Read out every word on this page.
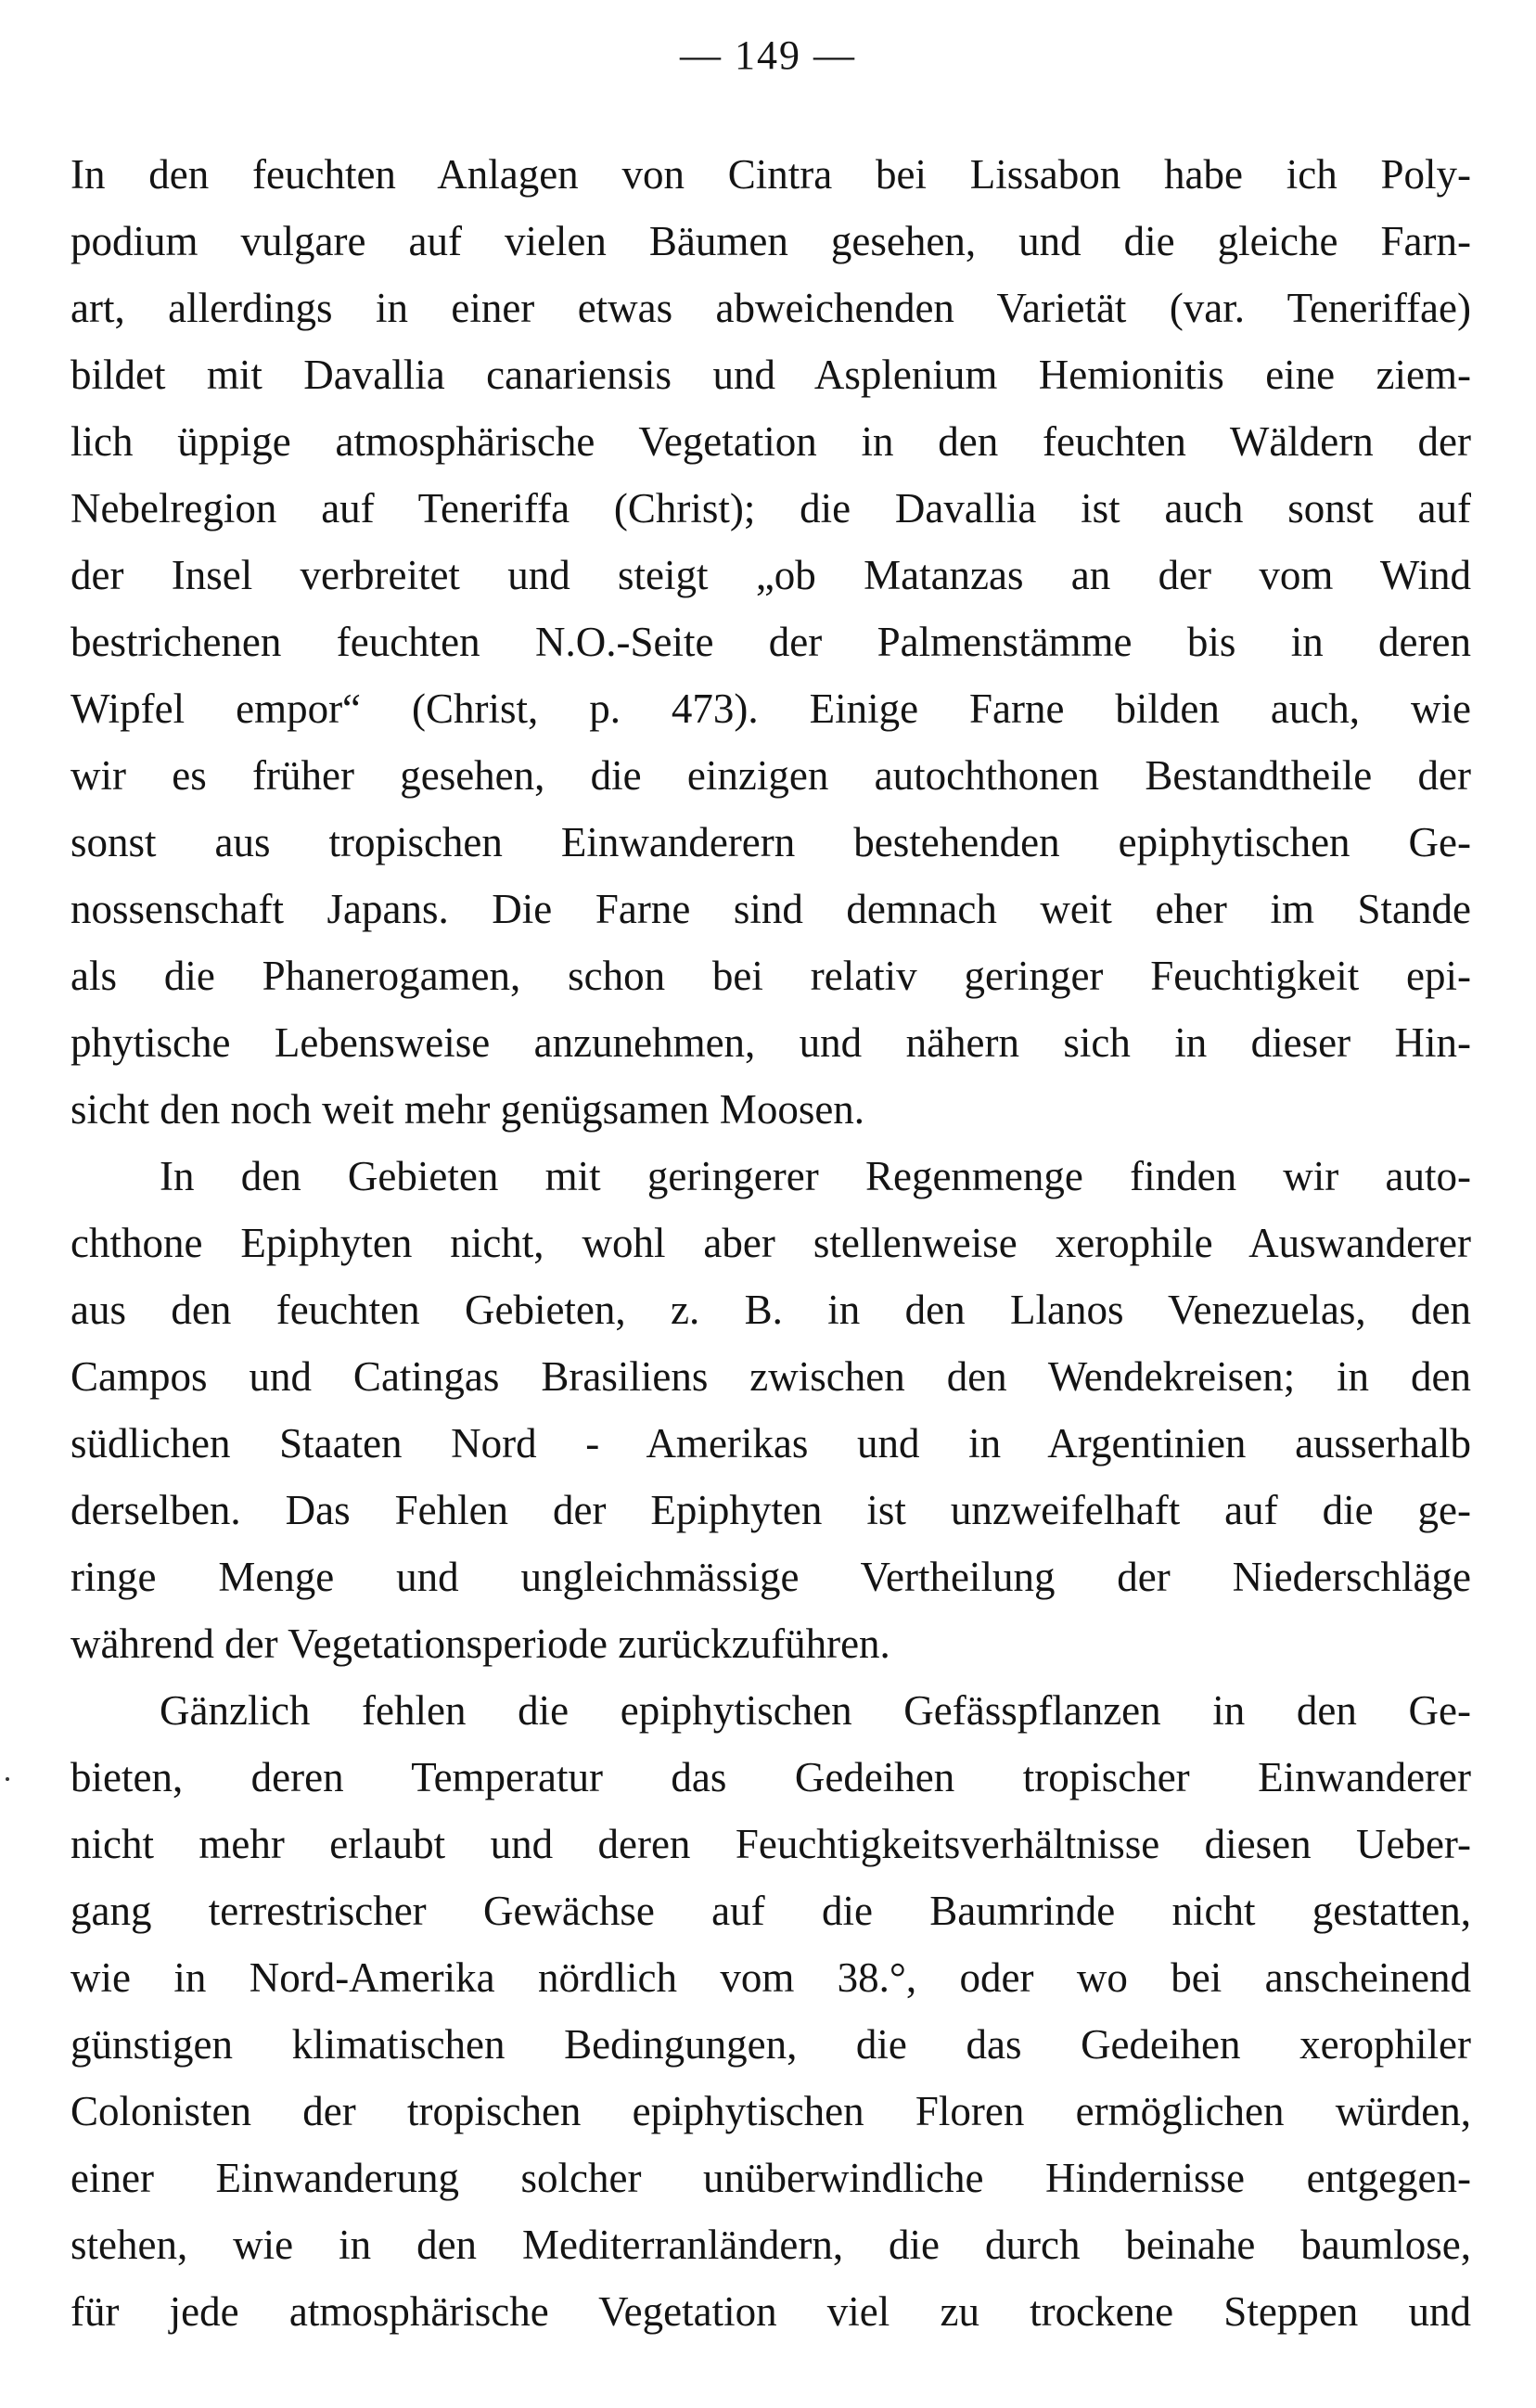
— 149 —
In den feuchten Anlagen von Cintra bei Lissabon habe ich Poly-
podium vulgare auf vielen Bäumen gesehen, und die gleiche Farn-
art, allerdings in einer etwas abweichenden Varietät (var. Teneriffae)
bildet mit Davallia canariensis und Asplenium Hemionitis eine ziem-
lich üppige atmosphärische Vegetation in den feuchten Wäldern der
Nebelregion auf Teneriffa (Christ); die Davallia ist auch sonst auf
der Insel verbreitet und steigt „ob Matanzas an der vom Wind
bestrichenen feuchten N.O.-Seite der Palmenstämme bis in deren
Wipfel empor“ (Christ, p. 473). Einige Farne bilden auch, wie
wir es früher gesehen, die einzigen autochthonen Bestandtheile der
sonst aus tropischen Einwanderern bestehenden epiphytischen Ge-
nossenschaft Japans. Die Farne sind demnach weit eher im Stande
als die Phanerogamen, schon bei relativ geringer Feuchtigkeit epi-
phytische Lebensweise anzunehmen, und nähern sich in dieser Hin-
sicht den noch weit mehr genügsamen Moosen.
In den Gebieten mit geringerer Regenmenge finden wir auto-
chthone Epiphyten nicht, wohl aber stellenweise xerophile Auswanderer
aus den feuchten Gebieten, z. B. in den Llanos Venezuelas, den
Campos und Catingas Brasiliens zwischen den Wendekreisen; in den
südlichen Staaten Nord - Amerikas und in Argentinien ausserhalb
derselben. Das Fehlen der Epiphyten ist unzweifelhaft auf die ge-
ringe Menge und ungleichmässige Vertheilung der Niederschläge
während der Vegetationsperiode zurückzuführen.
Gänzlich fehlen die epiphytischen Gefässpflanzen in den Ge-
bieten, deren Temperatur das Gedeihen tropischer Einwanderer
nicht mehr erlaubt und deren Feuchtigkeitsverhältnisse diesen Ueber-
gang terrestrischer Gewächse auf die Baumrinde nicht gestatten,
wie in Nord-Amerika nördlich vom 38.°, oder wo bei anscheinend
günstigen klimatischen Bedingungen, die das Gedeihen xerophiler
Colonisten der tropischen epiphytischen Floren ermöglichen würden,
einer Einwanderung solcher unüberwindliche Hindernisse entgegen-
stehen, wie in den Mediterranländern, die durch beinahe baumlose,
für jede atmosphärische Vegetation viel zu trockene Steppen und
